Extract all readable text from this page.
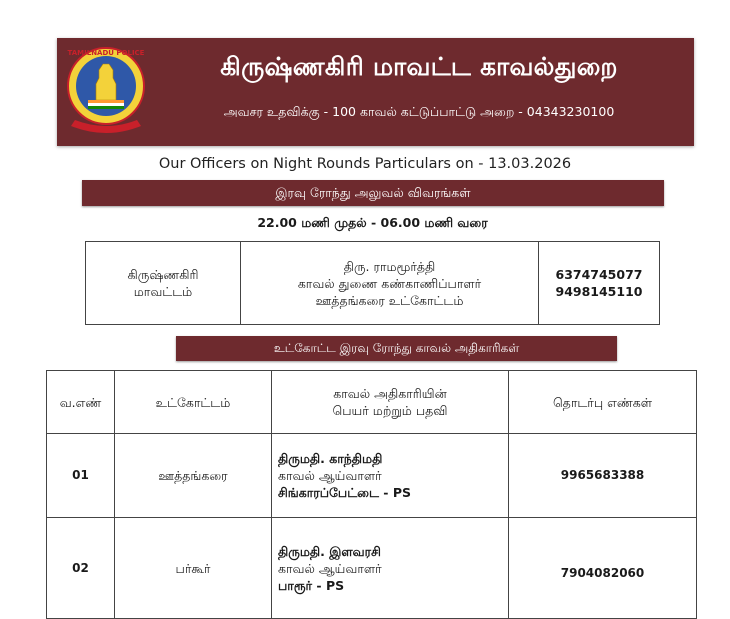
TAMILNADU POLICE	கிருஷ்ணகிரி மாவட்ட காவல்துறை
அவசர உதவிக்கு - 100 காவல் கட்டுப்பாட்டு அறை - 04343230100
Our Officers on Night Rounds Particulars on - 13.03.2026
இரவு ரோந்து அலுவல் விவரங்கள்
22.00 மணி முதல் - 06.00 மணி வரை
கிருஷ்ணகிரி
மாவட்டம்

திரு. ராமமூர்த்தி
காவல் துணை கண்காணிப்பாளர்
ஊத்தங்கரை உட்கோட்டம்

6374745077
9498145110
உட்கோட்ட இரவு ரோந்து காவல் அதிகாரிகள்
வ.எண்	உட்கோட்டம்	காவல் அதிகாரியின்
பெயர் மற்றும் பதவி	தொடர்பு எண்கள்
01	ஊத்தங்கரை	திருமதி. காந்திமதி
காவல் ஆய்வாளர்
சிங்காரப்பேட்டை - PS	9965683388
02	பர்கூர்	திருமதி. இளவரசி
காவல் ஆய்வாளர்
பாரூர் - PS	7904082060
